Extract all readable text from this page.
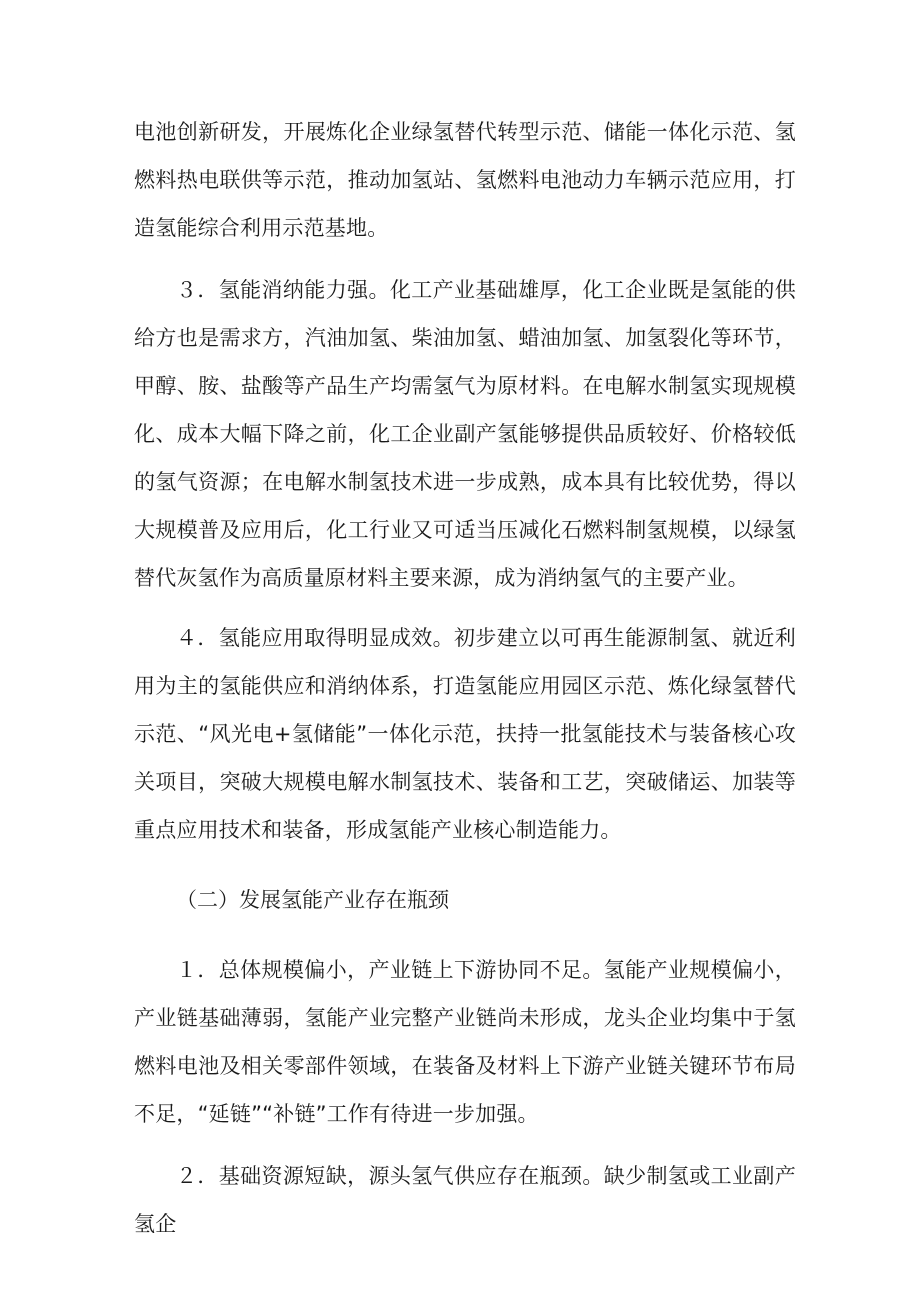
电池创新研发，开展炼化企业绿氢替代转型示范、储能一体化示范、氢燃料热电联供等示范，推动加氢站、氢燃料电池动力车辆示范应用，打造氢能综合利用示范基地。

３．氢能消纳能力强。化工产业基础雄厚，化工企业既是氢能的供给方也是需求方，汽油加氢、柴油加氢、蜡油加氢、加氢裂化等环节，甲醇、胺、盐酸等产品生产均需氢气为原材料。在电解水制氢实现规模化、成本大幅下降之前，化工企业副产氢能够提供品质较好、价格较低的氢气资源；在电解水制氢技术进一步成熟，成本具有比较优势，得以大规模普及应用后，化工行业又可适当压减化石燃料制氢规模，以绿氢替代灰氢作为高质量原材料主要来源，成为消纳氢气的主要产业。

４．氢能应用取得明显成效。初步建立以可再生能源制氢、就近利用为主的氢能供应和消纳体系，打造氢能应用园区示范、炼化绿氢替代示范、“风光电+氢储能”一体化示范，扶持一批氢能技术与装备核心攻关项目，突破大规模电解水制氢技术、装备和工艺，突破储运、加装等重点应用技术和装备，形成氢能产业核心制造能力。

（二）发展氢能产业存在瓶颈

１．总体规模偏小，产业链上下游协同不足。氢能产业规模偏小，产业链基础薄弱，氢能产业完整产业链尚未形成，龙头企业均集中于氢燃料电池及相关零部件领域，在装备及材料上下游产业链关键环节布局不足，“延链”“补链”工作有待进一步加强。

２．基础资源短缺，源头氢气供应存在瓶颈。缺少制氢或工业副产氢企
